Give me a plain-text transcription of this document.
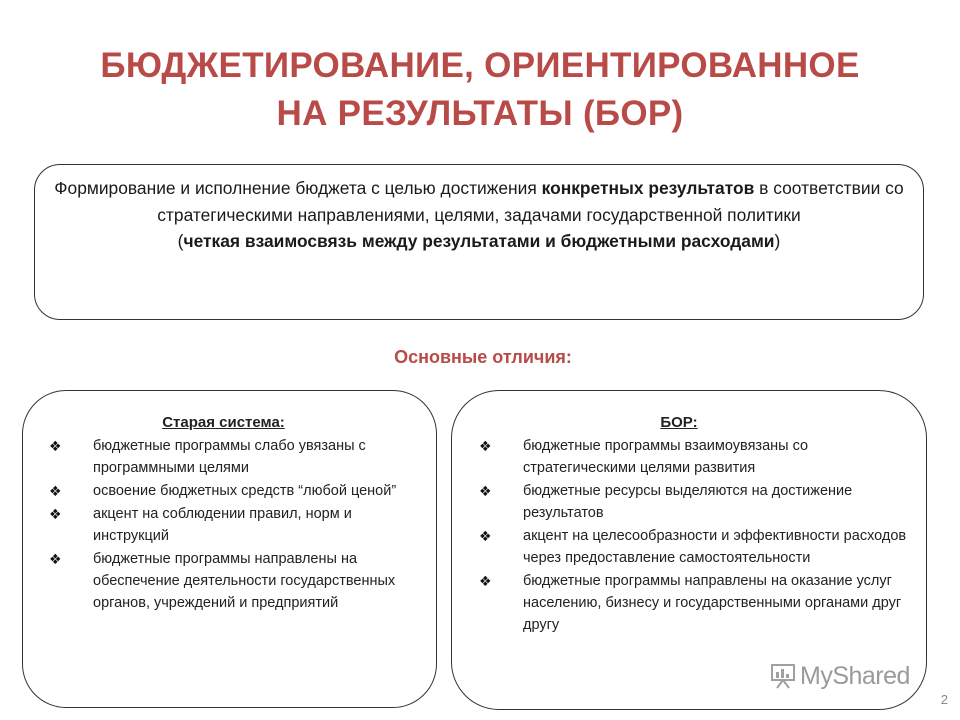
БЮДЖЕТИРОВАНИЕ, ОРИЕНТИРОВАННОЕ
НА РЕЗУЛЬТАТЫ (БОР)
Формирование и исполнение бюджета с целью достижения конкретных результатов в соответствии со стратегическими направлениями, целями, задачами государственной политики
(четкая взаимосвязь между результатами и бюджетными расходами)
Основные отличия:
Старая система:
❖ бюджетные программы слабо увязаны с программными целями
❖ освоение бюджетных средств “любой ценой”
❖ акцент на соблюдении правил, норм и инструкций
❖ бюджетные программы направлены на обеспечение деятельности государственных органов, учреждений и предприятий
БОР:
❖ бюджетные программы взаимоувязаны со стратегическими целями развития
❖ бюджетные ресурсы выделяются на достижение результатов
❖ акцент на целесообразности и эффективности расходов через предоставление самостоятельности
❖ бюджетные программы направлены на оказание услуг населению, бизнесу и государственными органами друг другу
MyShared
2
